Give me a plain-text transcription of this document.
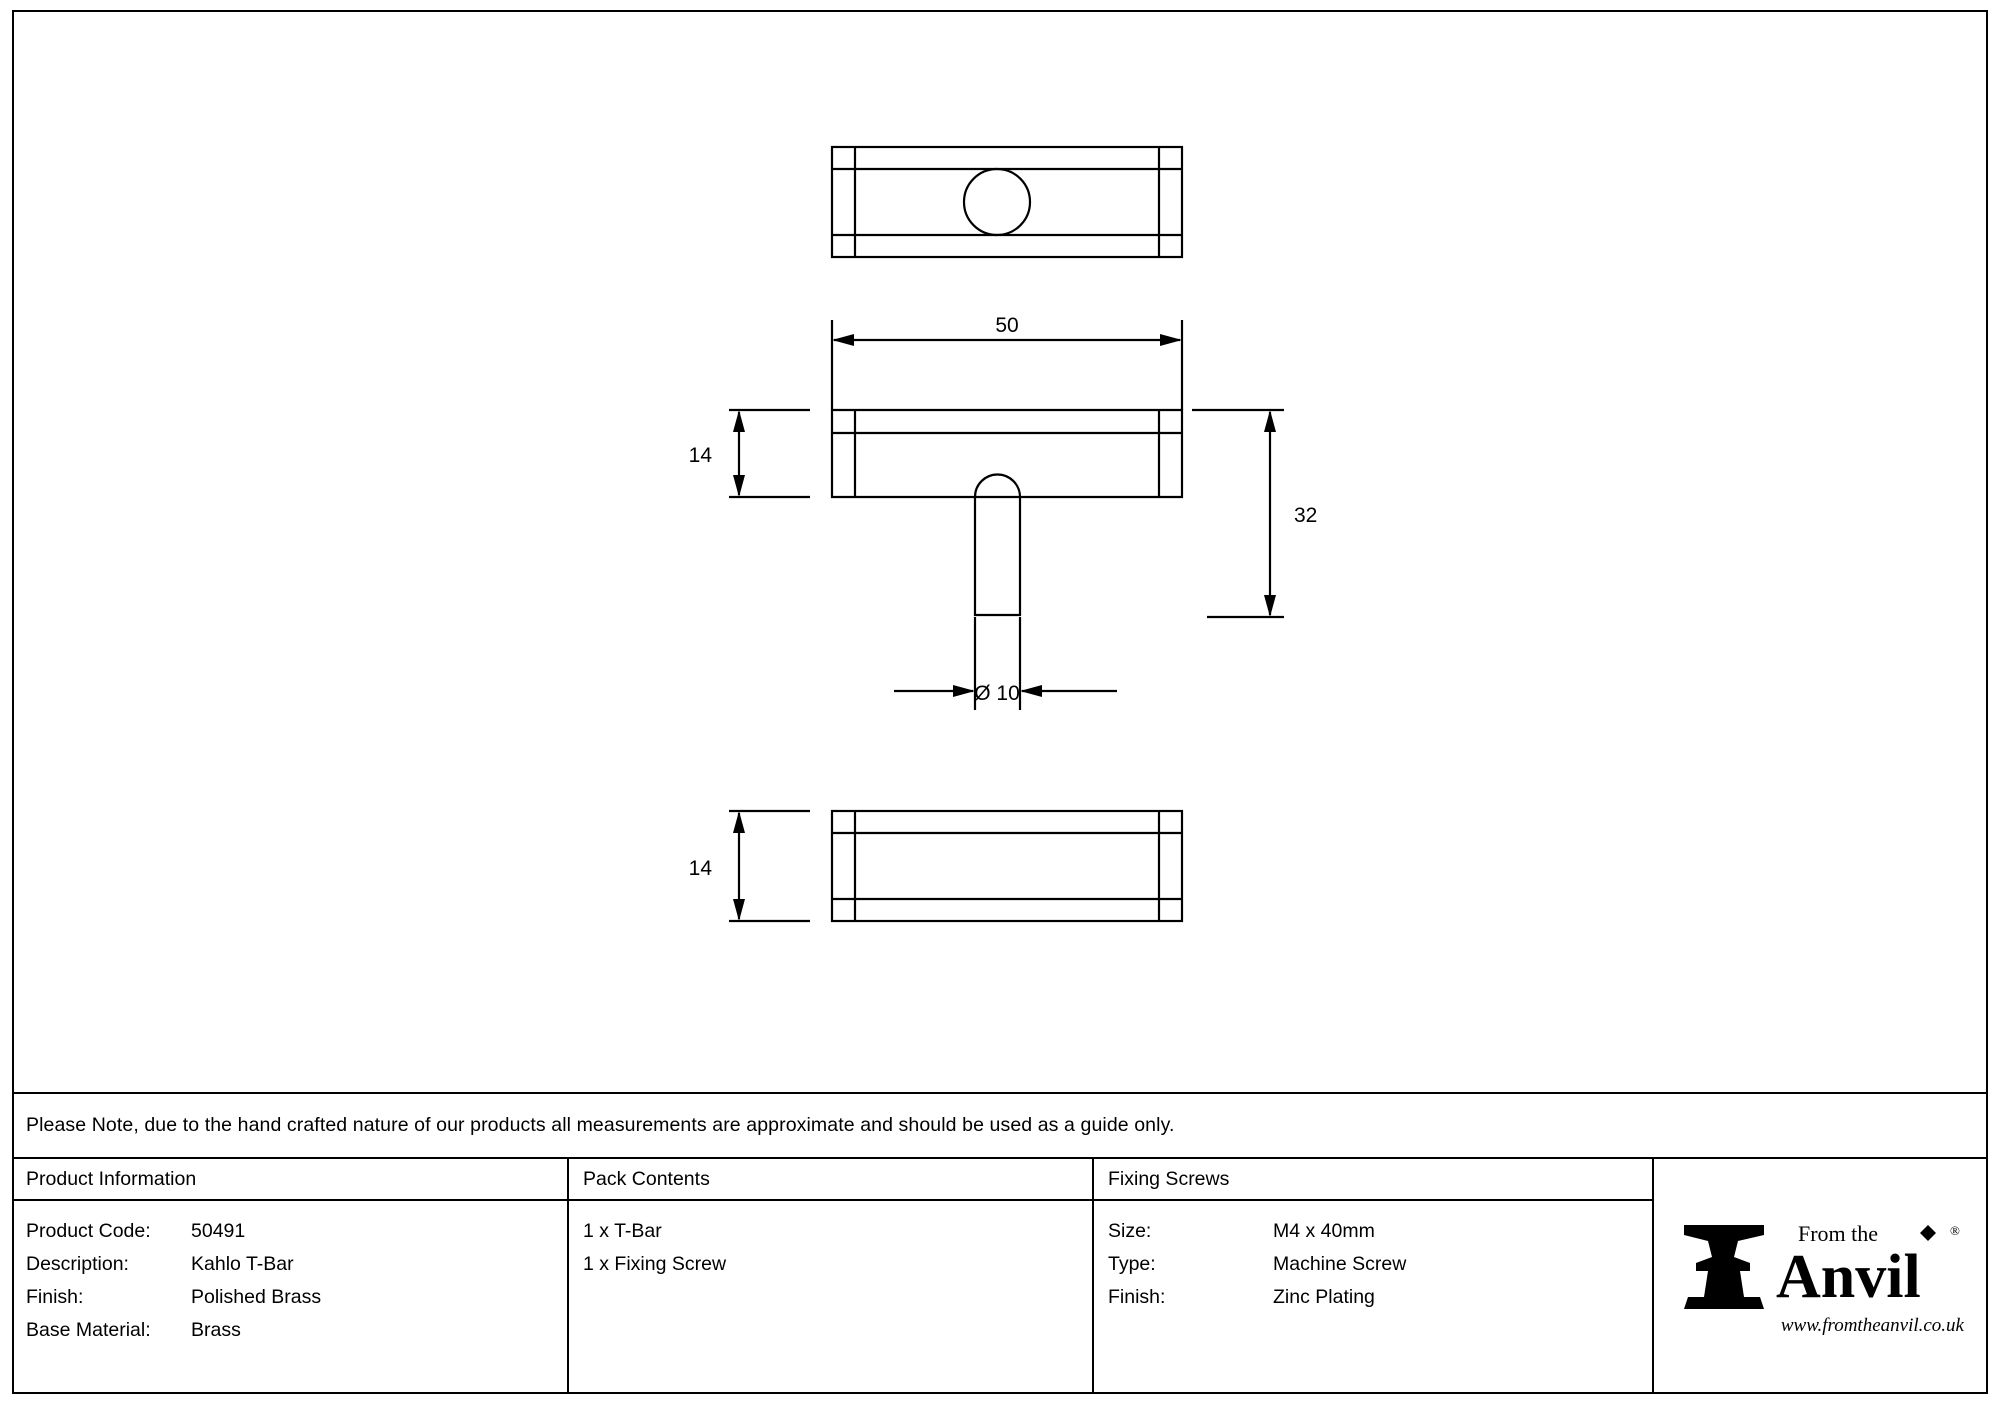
50
14
32
Ø 10
14
Please Note, due to the hand crafted nature of our products all measurements are approximate and should be used as a guide only.
Product Information
Product Code:	50491
Description:	Kahlo T-Bar
Finish:	Polished Brass
Base Material:	Brass
Pack Contents
1 x T-Bar
1 x Fixing Screw
Fixing Screws
Size:	M4 x 40mm
Type:	Machine Screw
Finish:	Zinc Plating
From the	®
Anvil
www.fromtheanvil.co.uk
